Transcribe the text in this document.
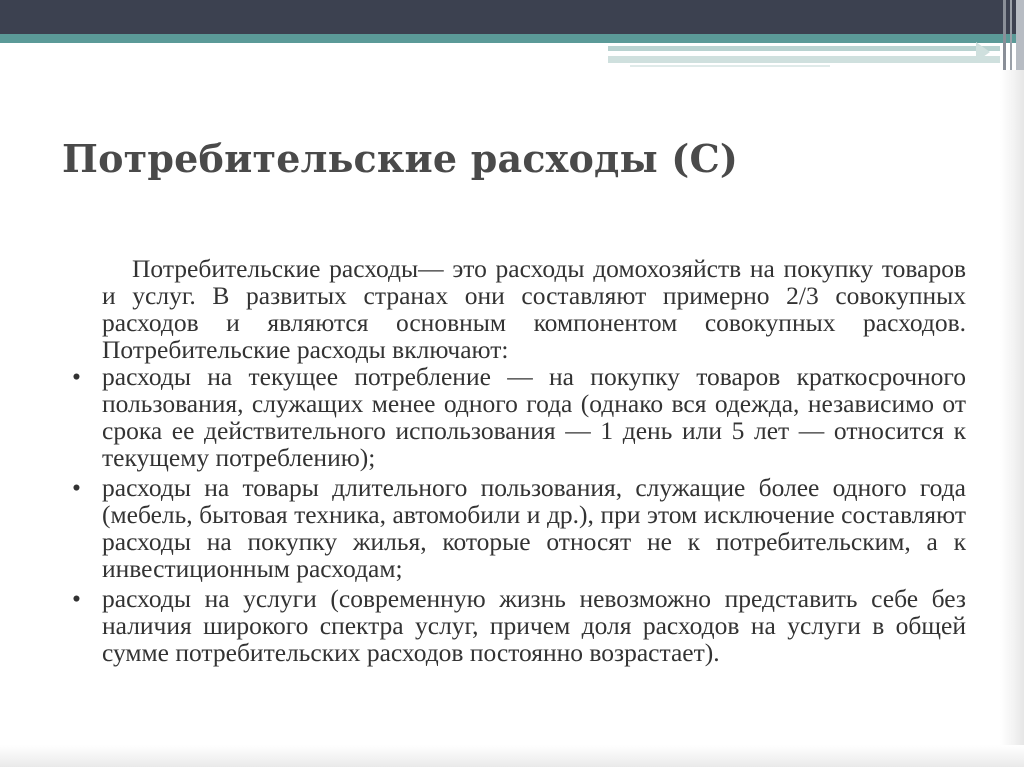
Потребительские расходы (С)

Потребительские расходы— это расходы домохозяйств на покупку товаров и услуг. В развитых странах они составляют примерно 2/3 совокупных расходов и являются основным компонентом совокупных расходов. Потребительские расходы включают:

• расходы на текущее потребление — на покупку товаров краткосрочного пользования, служащих менее одного года (однако вся одежда, независимо от срока ее действительного использования — 1 день или 5 лет — относится к текущему потреблению);
• расходы на товары длительного пользования, служащие более одного года (мебель, бытовая техника, автомобили и др.), при этом исключение составляют расходы на покупку жилья, которые относят не к потребительским, а к инвестиционным расходам;
• расходы на услуги (современную жизнь невозможно представить себе без наличия широкого спектра услуг, причем доля расходов на услуги в общей сумме потребительских расходов постоянно возрастает).
